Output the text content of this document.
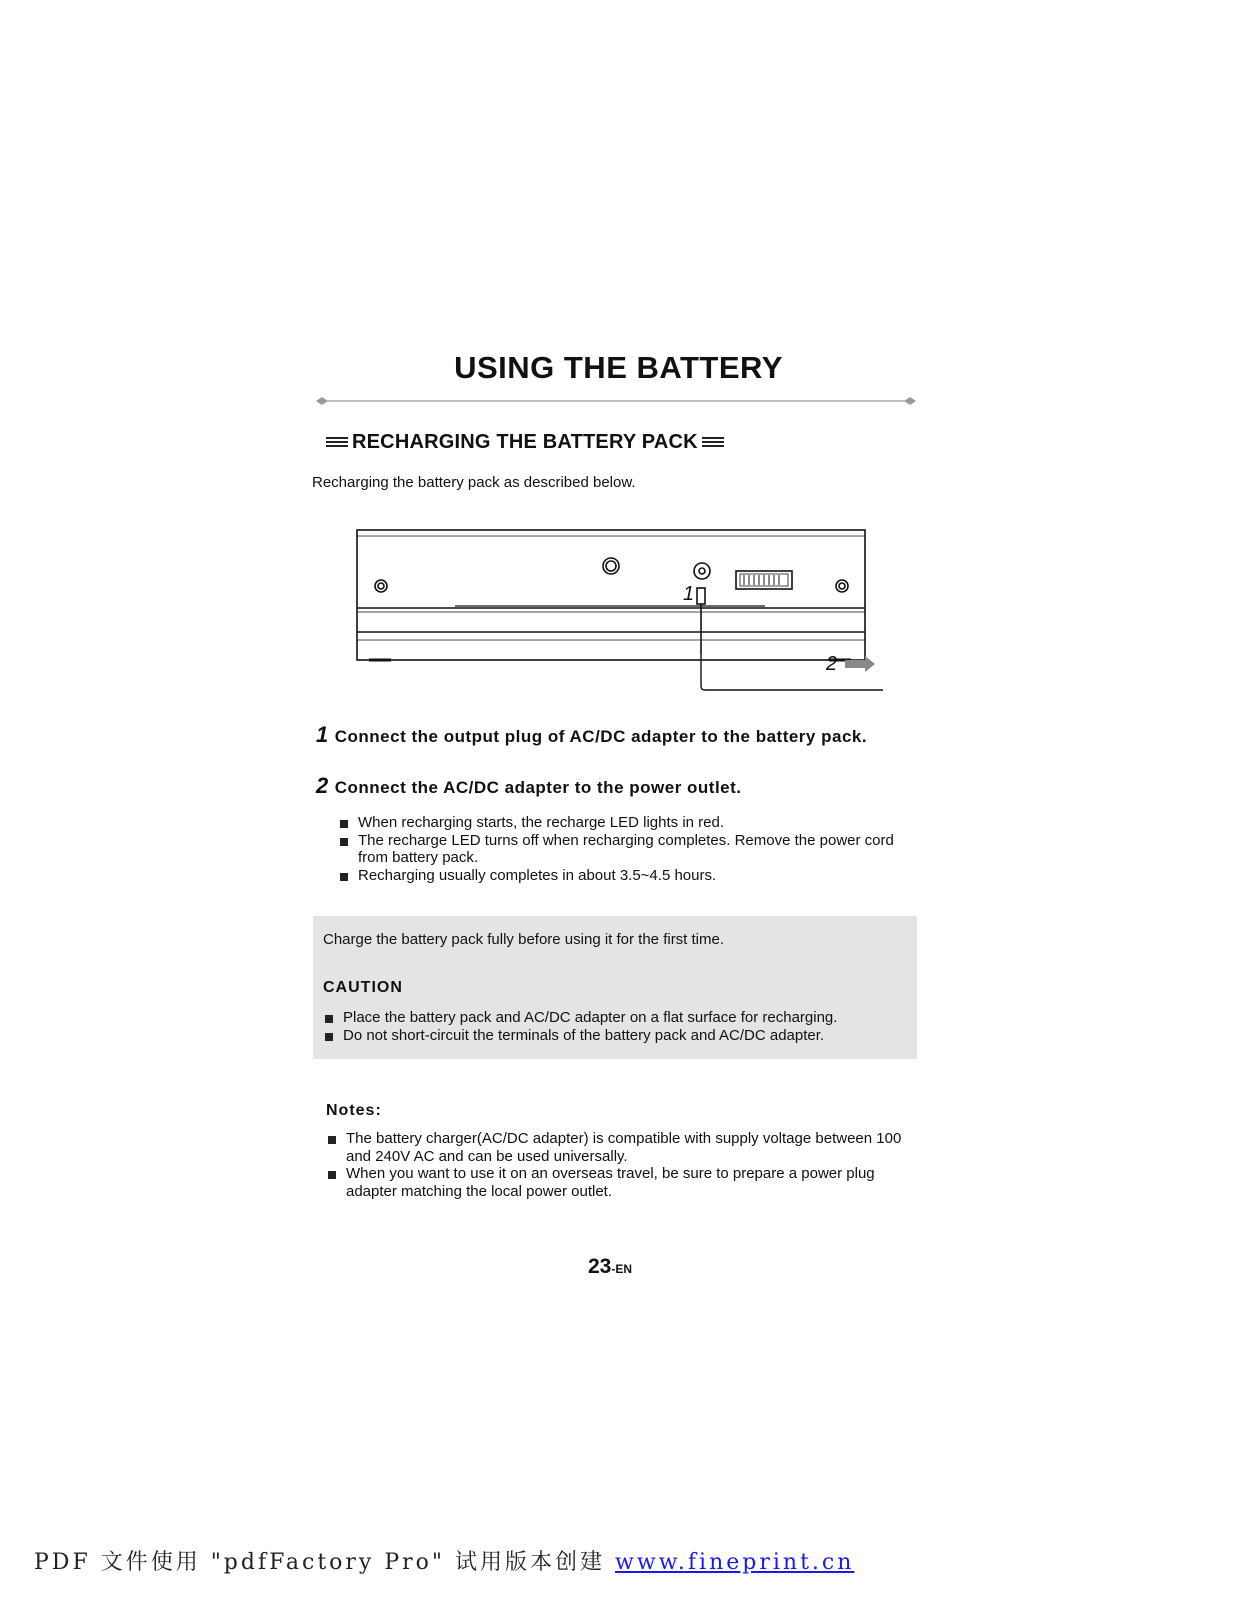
USING THE BATTERY
RECHARGING THE BATTERY PACK
Recharging the battery pack as described below.
1
2
1 Connect the output plug of AC/DC adapter to the battery pack.
2 Connect the AC/DC adapter to the power outlet.
When recharging starts, the recharge LED lights in red.
The recharge LED turns off when recharging completes. Remove the power cord from battery pack.
Recharging usually completes in about 3.5~4.5 hours.
Charge the battery pack fully before using it for the first time.
CAUTION
Place the battery pack and AC/DC adapter on a flat surface for recharging.
Do not short-circuit the terminals of the battery pack and AC/DC adapter.
Notes:
The battery charger(AC/DC adapter) is compatible with supply voltage between 100 and 240V AC and can be used universally.
When you want to use it on an overseas travel, be sure to prepare a power plug adapter matching the local power outlet.
23-EN
PDF 文件使用 "pdfFactory Pro" 试用版本创建 www.fineprint.cn
